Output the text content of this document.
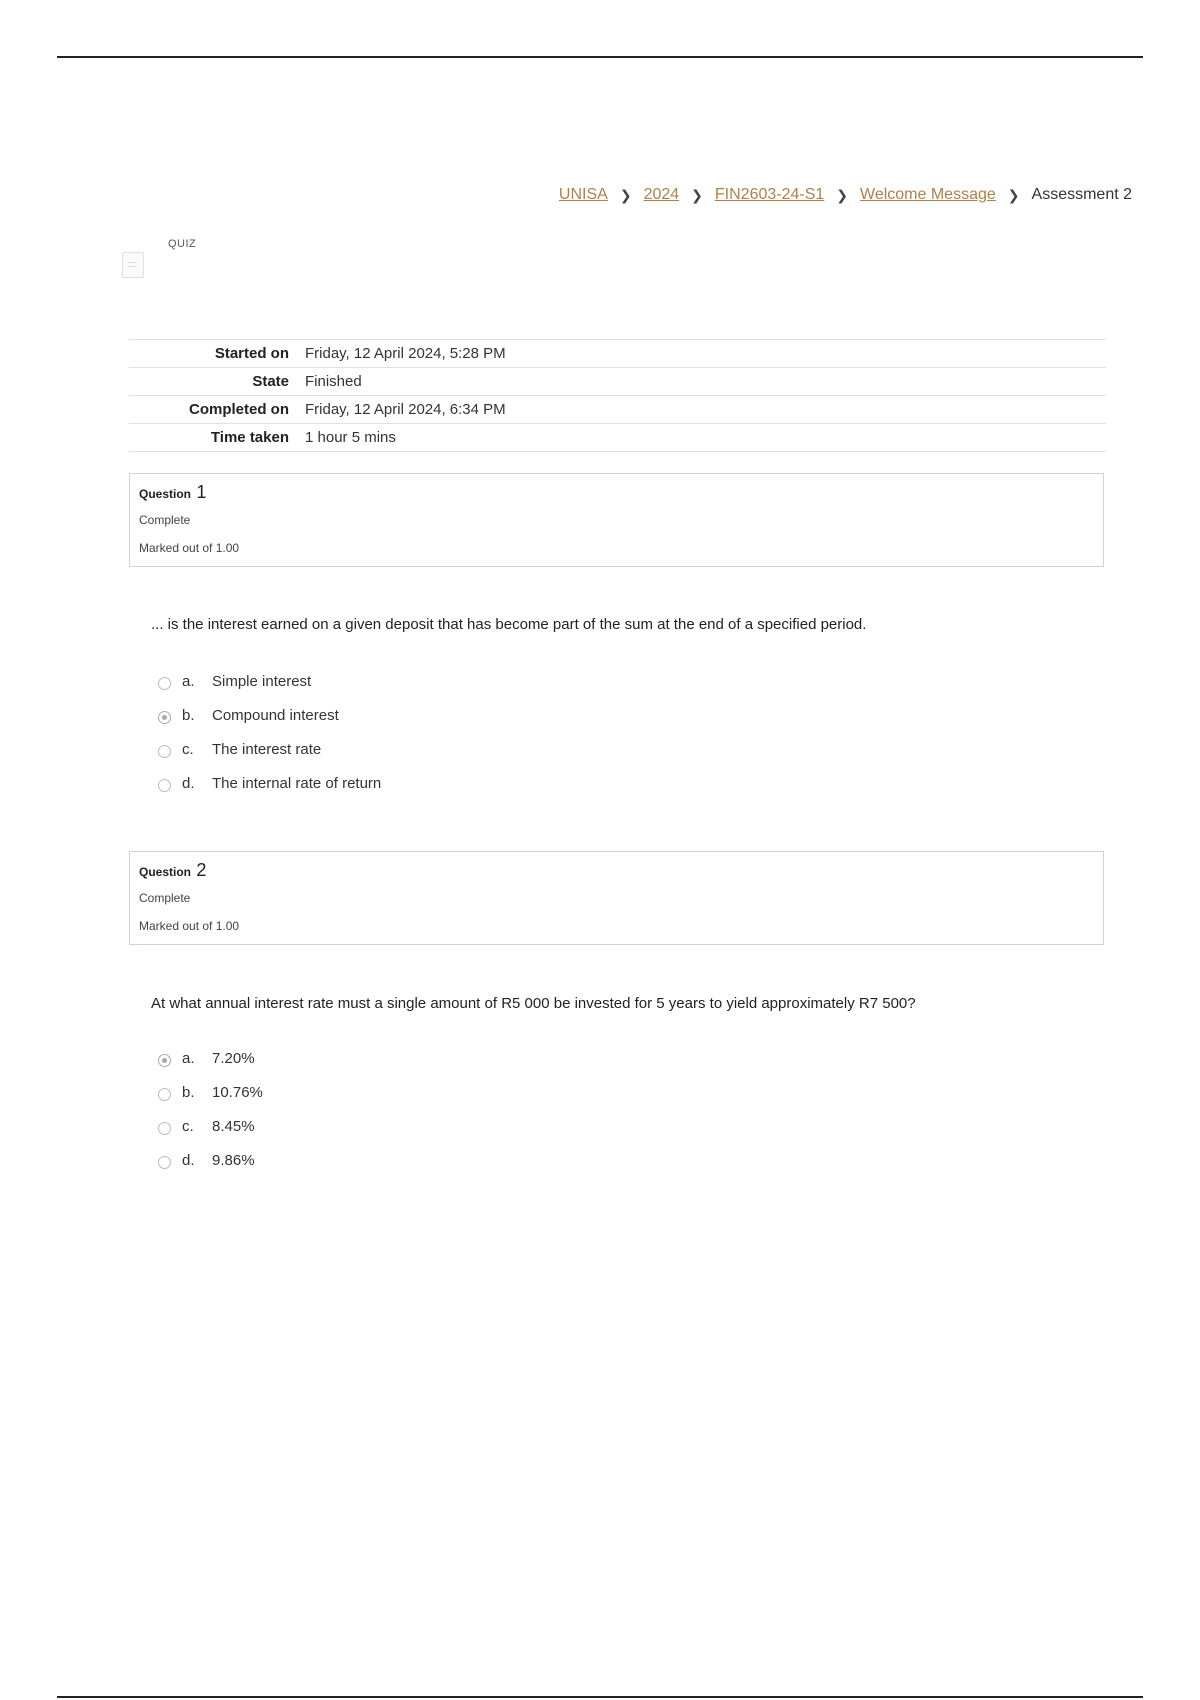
UNISA ❯ 2024 ❯ FIN2603-24-S1 ❯ Welcome Message ❯ Assessment 2
QUIZ
Started on	Friday, 12 April 2024, 5:28 PM
State	Finished
Completed on	Friday, 12 April 2024, 6:34 PM
Time taken	1 hour 5 mins
Question 1
Complete
Marked out of 1.00
... is the interest earned on a given deposit that has become part of the sum at the end of a specified period.
a.	Simple interest
b.	Compound interest
c.	The interest rate
d.	The internal rate of return
Question 2
Complete
Marked out of 1.00
At what annual interest rate must a single amount of R5 000 be invested for 5 years to yield approximately R7 500?
a.	7.20%
b.	10.76%
c.	8.45%
d.	9.86%
